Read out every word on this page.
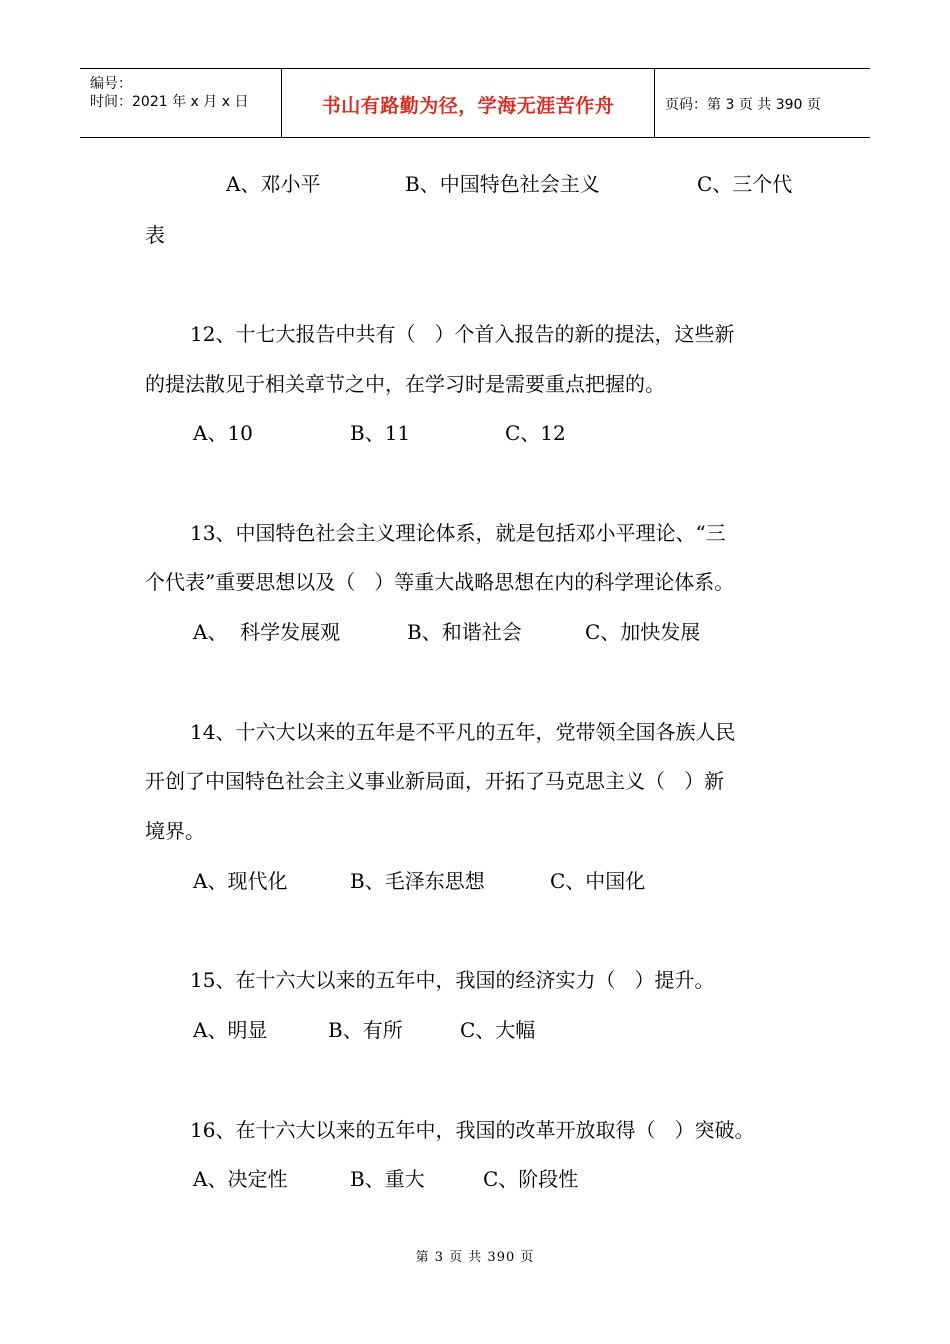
编号：
时间：2021 年 x 月 x 日	书山有路勤为径，学海无涯苦作舟	页码：第 3 页 共 390 页
A、邓小平	B、中国特色社会主义	C、三个代
表
12、十七大报告中共有（   ）个首入报告的新的提法，这些新
的提法散见于相关章节之中，在学习时是需要重点把握的。
A、10	B、11	C、12
13、中国特色社会主义理论体系，就是包括邓小平理论、“三
个代表”重要思想以及（   ）等重大战略思想在内的科学理论体系。
A、  科学发展观	B、和谐社会	C、加快发展
14、十六大以来的五年是不平凡的五年，党带领全国各族人民
开创了中国特色社会主义事业新局面，开拓了马克思主义（   ）新
境界。
A、现代化	B、毛泽东思想	C、中国化
15、在十六大以来的五年中，我国的经济实力（   ）提升。
A、明显	B、有所	C、大幅
16、在十六大以来的五年中，我国的改革开放取得（   ）突破。
A、决定性	B、重大	C、阶段性
第 3 页 共 390 页
